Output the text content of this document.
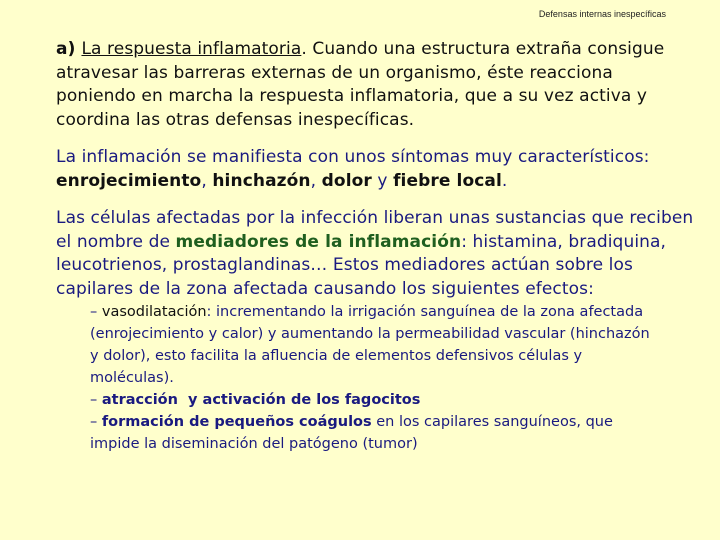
Defensas internas inespecíficas

a) La respuesta inflamatoria. Cuando una estructura extraña consigue atravesar las barreras externas de un organismo, éste reacciona poniendo en marcha la respuesta inflamatoria, que a su vez activa y coordina las otras defensas inespecíficas.

La inflamación se manifiesta con unos síntomas muy característicos: enrojecimiento, hinchazón, dolor y fiebre local.

Las células afectadas por la infección liberan unas sustancias que reciben el nombre de mediadores de la inflamación: histamina, bradiquina, leucotrienos, prostaglandinas… Estos mediadores actúan sobre los capilares de la zona afectada causando los siguientes efectos:

– vasodilatación: incrementando la irrigación sanguínea de la zona afectada (enrojecimiento y calor) y aumentando la permeabilidad vascular (hinchazón y dolor), esto facilita la afluencia de elementos defensivos células y moléculas).
– atracción  y activación de los fagocitos
– formación de pequeños coágulos en los capilares sanguíneos, que impide la diseminación del patógeno (tumor)
